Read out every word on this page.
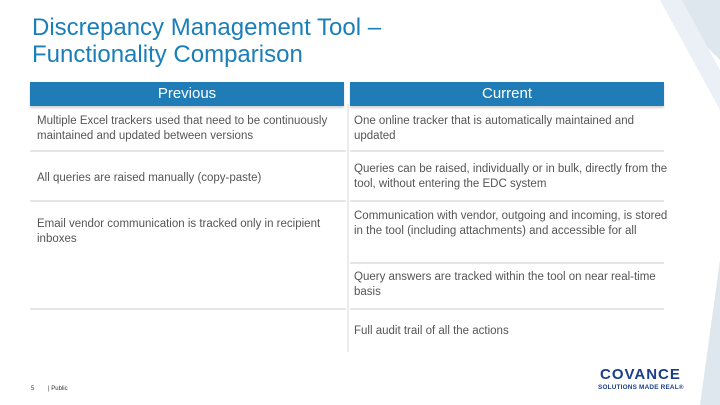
Discrepancy Management Tool –
Functionality Comparison
Previous	Current
Multiple Excel trackers used that need to be continuously maintained and updated between versions
One online tracker that is automatically maintained and updated
All queries are raised manually (copy-paste)
Queries can be raised, individually or in bulk, directly from the tool, without entering the EDC system
Email vendor communication is tracked only in recipient inboxes
Communication with vendor, outgoing and incoming, is stored in the tool (including attachments) and accessible for all
Query answers are tracked within the tool on near real-time basis
Full audit trail of all the actions
5 | Public
COVANCE
SOLUTIONS MADE REAL®
